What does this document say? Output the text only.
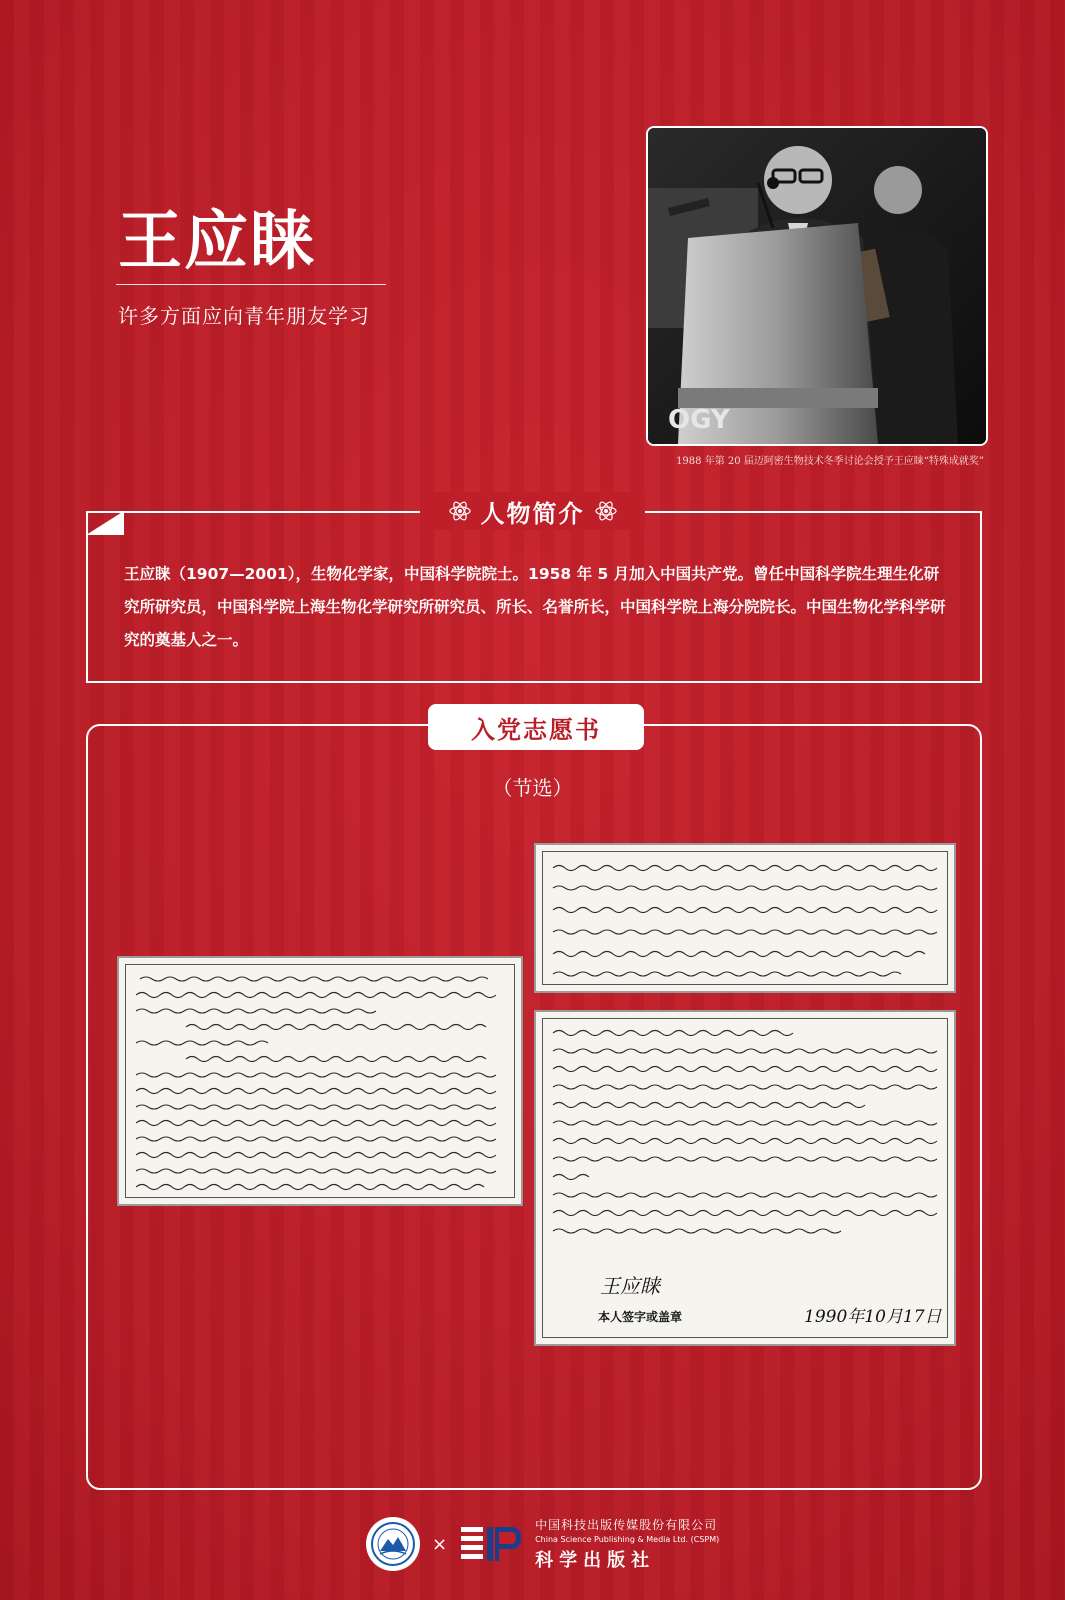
王应睐
许多方面应向青年朋友学习
OGY
1988 年第 20 届迈阿密生物技术冬季讨论会授予王应睐“特殊成就奖”
人物简介
王应睐（1907—2001），生物化学家，中国科学院院士。1958 年 5 月加入中国共产党。曾任中国科学院生理生化研究所研究员，中国科学院上海生物化学研究所研究员、所长、名誉所长，中国科学院上海分院院长。中国生物化学科学研究的奠基人之一。
入党志愿书
（节选）
王应睐
本人签字或盖章	1990年10月17日
×
中国科技出版传媒股份有限公司
China Science Publishing & Media Ltd. (CSPM)
科学出版社
